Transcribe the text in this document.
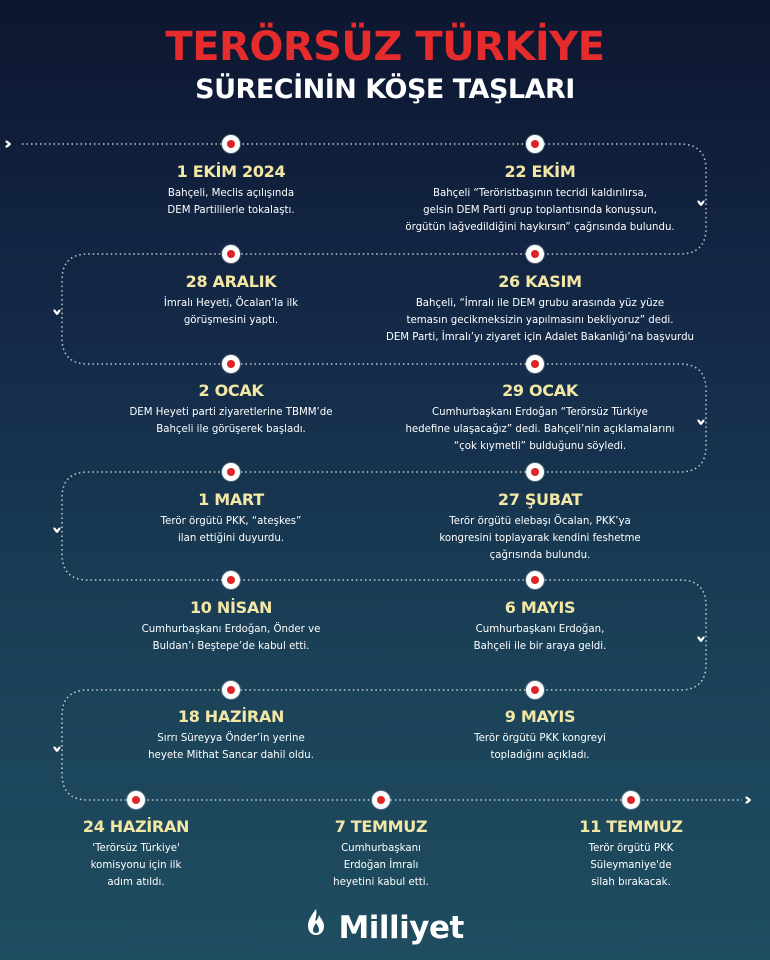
TERÖRSÜZ TÜRKİYE
SÜRECİNİN KÖŞE TAŞLARI
››
››
››
››
››
››
››
››
1 EKİM 2024
Bahçeli, Meclis açılışında
DEM Partililerle tokalaştı.
22 EKİM
Bahçeli “Teröristbaşının tecridi kaldırılırsa,
gelsin DEM Parti grup toplantısında konuşsun,
örgütün lağvedildiğini haykırsın” çağrısında bulundu.
28 ARALIK
İmralı Heyeti, Öcalan’la ilk
görüşmesini yaptı.
26 KASIM
Bahçeli, “İmralı ile DEM grubu arasında yüz yüze
temasın gecikmeksizin yapılmasını bekliyoruz” dedi.
DEM Parti, İmralı’yı ziyaret için Adalet Bakanlığı’na başvurdu
2 OCAK
DEM Heyeti parti ziyaretlerine TBMM’de
Bahçeli ile görüşerek başladı.
29 OCAK
Cumhurbaşkanı Erdoğan “Terörsüz Türkiye
hedefine ulaşacağız” dedi. Bahçeli’nin açıklamalarını
“çok kıymetli” bulduğunu söyledi.
1 MART
Terör örgütü PKK, “ateşkes”
ilan ettiğini duyurdu.
27 ŞUBAT
Terör örgütü elebaşı Öcalan, PKK’ya
kongresini toplayarak kendini feshetme
çağrısında bulundu.
10 NİSAN
Cumhurbaşkanı Erdoğan, Önder ve
Buldan’ı Beştepe’de kabul etti.
6 MAYIS
Cumhurbaşkanı Erdoğan,
Bahçeli ile bir araya geldi.
18 HAZİRAN
Sırrı Süreyya Önder’in yerine
heyete Mithat Sancar dahil oldu.
9 MAYIS
Terör örgütü PKK kongreyi
topladığını açıkladı.
24 HAZİRAN
'Terörsüz Türkiye'
komisyonu için ilk
adım atıldı.
7 TEMMUZ
Cumhurbaşkanı
Erdoğan İmralı
heyetini kabul etti.
11 TEMMUZ
Terör örgütü PKK
Süleymaniye'de
silah bırakacak.
Milliyet
